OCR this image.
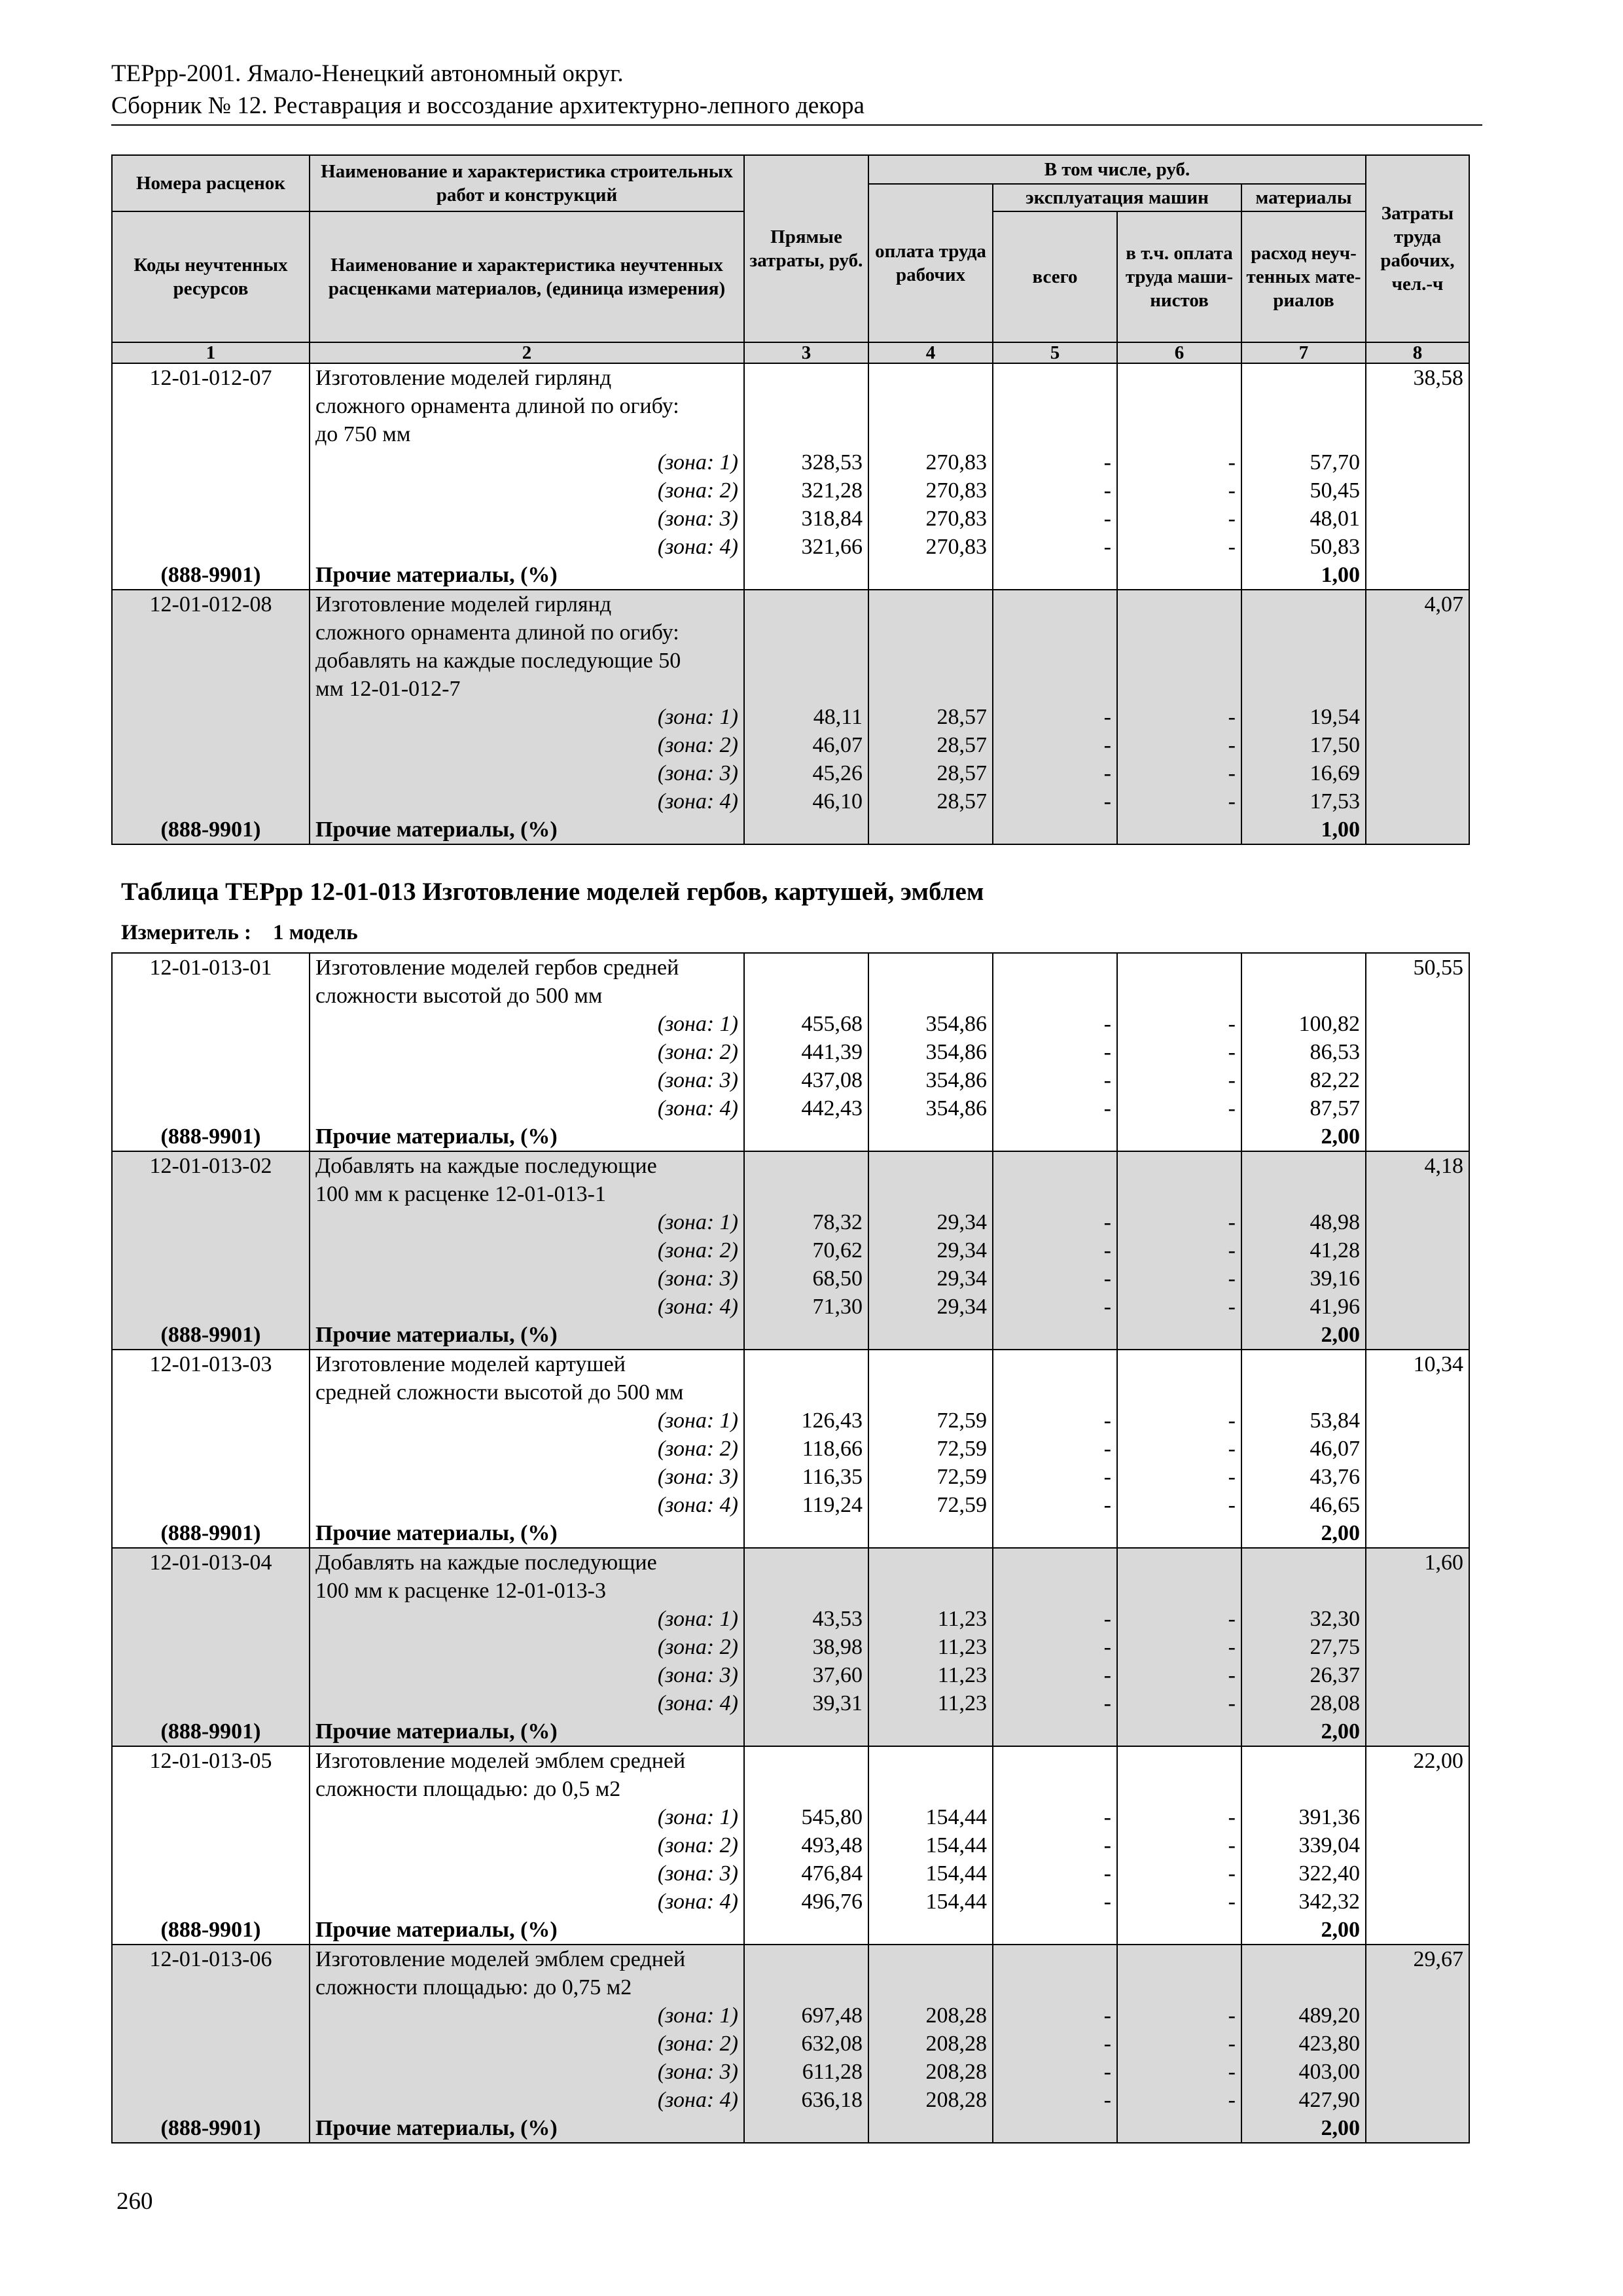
ТЕРрр-2001. Ямало-Ненецкий автономный округ.
Сборник № 12. Реставрация и воссоздание архитектурно-лепного декора
Номера расценок	Наименование и характеристика строительных работ и конструкций	Прямые затраты, руб.	В том числе, руб.				Затраты труда рабочих, чел.-ч
			оплата труда рабочих	эксплуатация машин		материалы	
Коды неучтенных ресурсов	Наименование и характеристика неучтенных расценками материалов, (единица измерения)			всего	в т.ч. оплата труда маши-нистов	расход неуч-тенных мате-риалов	
1	2	3	4	5	6	7	8
12-01-012-07	Изготовление моделей гирлянд						38,58
	сложного орнамента длиной по огибу:						
	до 750 мм						
	(зона: 1)	328,53	270,83	-	-	57,70	
	(зона: 2)	321,28	270,83	-	-	50,45	
	(зона: 3)	318,84	270,83	-	-	48,01	
	(зона: 4)	321,66	270,83	-	-	50,83	
(888-9901)	Прочие материалы, (%)					1,00	
12-01-012-08	Изготовление моделей гирлянд						4,07
	сложного орнамента длиной по огибу:						
	добавлять на каждые последующие 50						
	мм 12-01-012-7						
	(зона: 1)	48,11	28,57	-	-	19,54	
	(зона: 2)	46,07	28,57	-	-	17,50	
	(зона: 3)	45,26	28,57	-	-	16,69	
	(зона: 4)	46,10	28,57	-	-	17,53	
(888-9901)	Прочие материалы, (%)					1,00	
Таблица ТЕРрр 12-01-013 Изготовление моделей гербов, картушей, эмблем
Измеритель : 1 модель
12-01-013-01	Изготовление моделей гербов средней						50,55
	сложности высотой до 500 мм						
	(зона: 1)	455,68	354,86	-	-	100,82	
	(зона: 2)	441,39	354,86	-	-	86,53	
	(зона: 3)	437,08	354,86	-	-	82,22	
	(зона: 4)	442,43	354,86	-	-	87,57	
(888-9901)	Прочие материалы, (%)					2,00	
12-01-013-02	Добавлять на каждые последующие						4,18
	100 мм к расценке 12-01-013-1						
	(зона: 1)	78,32	29,34	-	-	48,98	
	(зона: 2)	70,62	29,34	-	-	41,28	
	(зона: 3)	68,50	29,34	-	-	39,16	
	(зона: 4)	71,30	29,34	-	-	41,96	
(888-9901)	Прочие материалы, (%)					2,00	
12-01-013-03	Изготовление моделей картушей						10,34
	средней сложности высотой до 500 мм						
	(зона: 1)	126,43	72,59	-	-	53,84	
	(зона: 2)	118,66	72,59	-	-	46,07	
	(зона: 3)	116,35	72,59	-	-	43,76	
	(зона: 4)	119,24	72,59	-	-	46,65	
(888-9901)	Прочие материалы, (%)					2,00	
12-01-013-04	Добавлять на каждые последующие						1,60
	100 мм к расценке 12-01-013-3						
	(зона: 1)	43,53	11,23	-	-	32,30	
	(зона: 2)	38,98	11,23	-	-	27,75	
	(зона: 3)	37,60	11,23	-	-	26,37	
	(зона: 4)	39,31	11,23	-	-	28,08	
(888-9901)	Прочие материалы, (%)					2,00	
12-01-013-05	Изготовление моделей эмблем средней						22,00
	сложности площадью: до 0,5 м2						
	(зона: 1)	545,80	154,44	-	-	391,36	
	(зона: 2)	493,48	154,44	-	-	339,04	
	(зона: 3)	476,84	154,44	-	-	322,40	
	(зона: 4)	496,76	154,44	-	-	342,32	
(888-9901)	Прочие материалы, (%)					2,00	
12-01-013-06	Изготовление моделей эмблем средней						29,67
	сложности площадью: до 0,75 м2						
	(зона: 1)	697,48	208,28	-	-	489,20	
	(зона: 2)	632,08	208,28	-	-	423,80	
	(зона: 3)	611,28	208,28	-	-	403,00	
	(зона: 4)	636,18	208,28	-	-	427,90	
(888-9901)	Прочие материалы, (%)					2,00	
260
